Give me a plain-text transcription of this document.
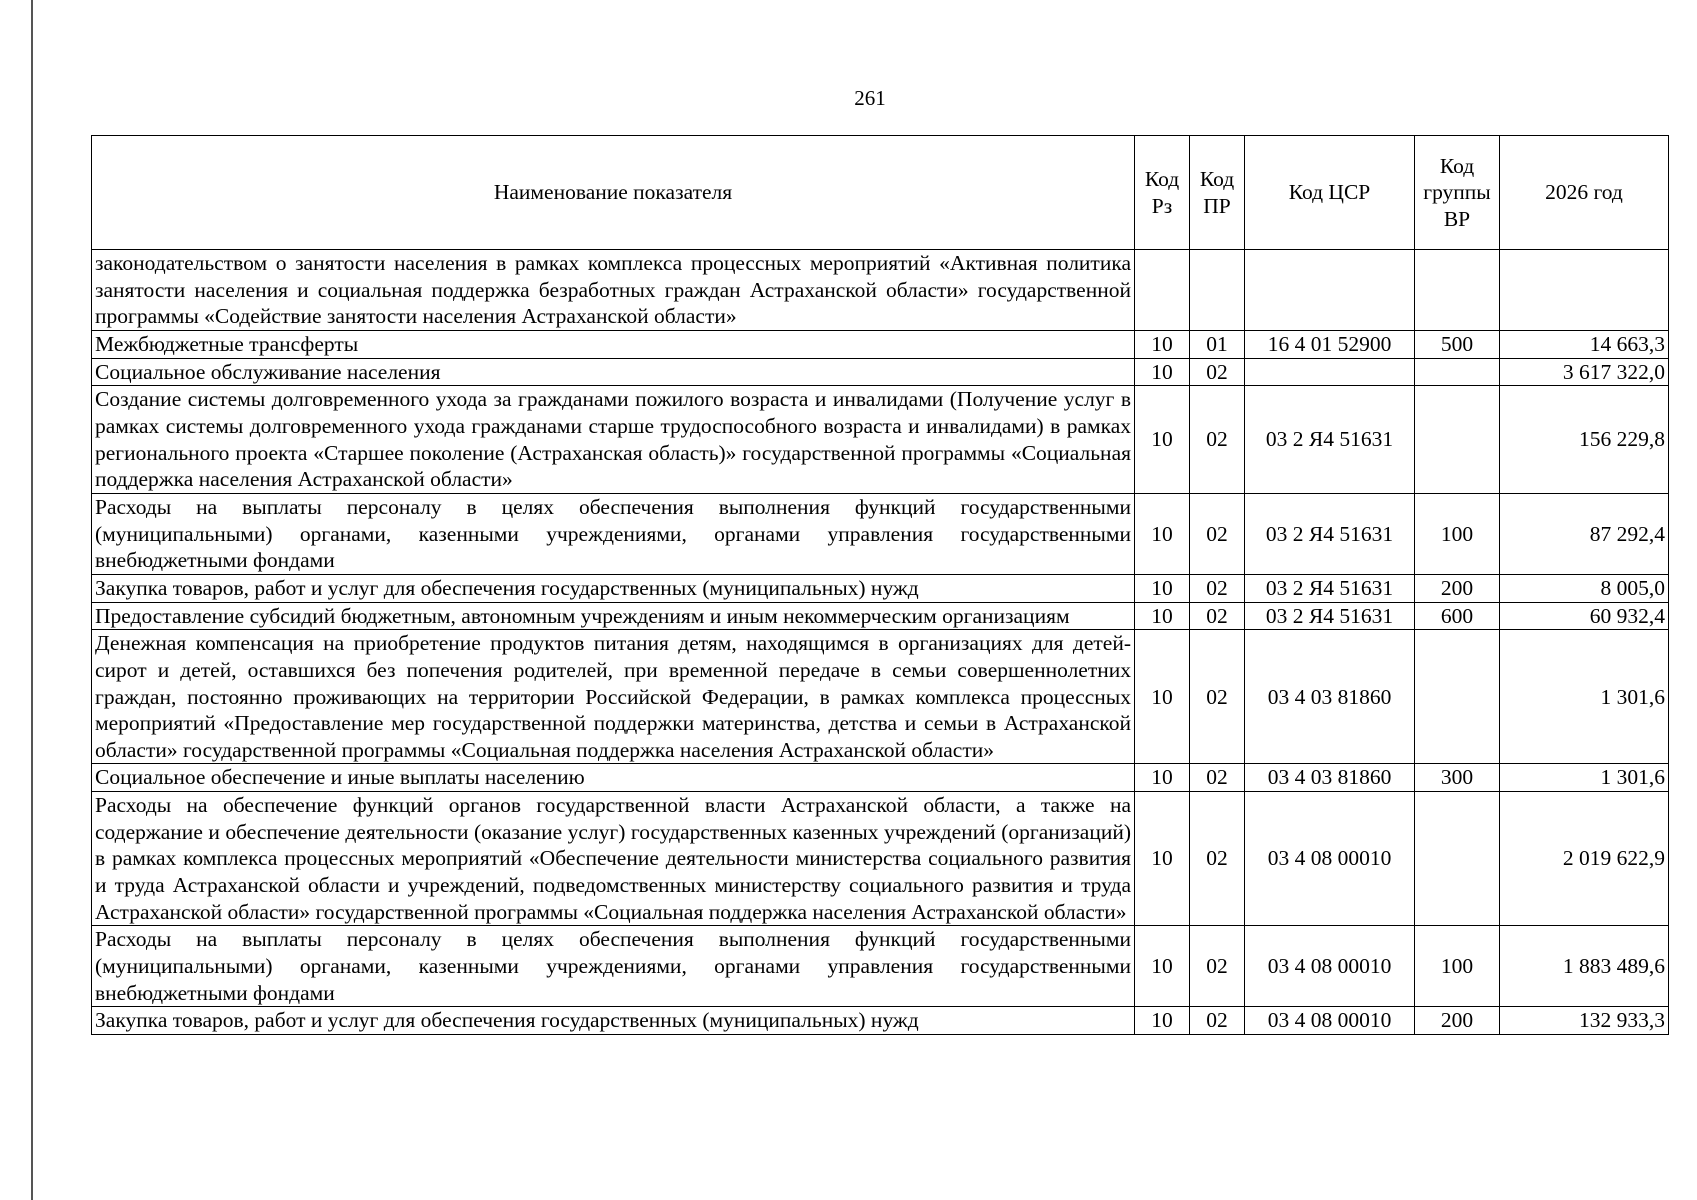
261
Наименование показателя	Код Рз	Код ПР	Код ЦСР	Код группы ВР	2026 год
законодательством о занятости населения в рамках комплекса процессных мероприятий «Активная политика занятости населения и социальная поддержка безработных граждан Астраханской области» государственной программы «Содействие занятости населения Астраханской области»					
Межбюджетные трансферты	10	01	16 4 01 52900	500	14 663,3
Социальное обслуживание населения	10	02			3 617 322,0
Создание системы долговременного ухода за гражданами пожилого возраста и инвалидами (Получение услуг в рамках системы долговременного ухода гражданами старше трудоспособного возраста и инвалидами) в рамках регионального проекта «Старшее поколение (Астраханская область)» государственной программы «Социальная поддержка населения Астраханской области»	10	02	03 2 Я4 51631		156 229,8
Расходы на выплаты персоналу в целях обеспечения выполнения функций государственными (муниципальными) органами, казенными учреждениями, органами управления государственными внебюджетными фондами	10	02	03 2 Я4 51631	100	87 292,4
Закупка товаров, работ и услуг для обеспечения государственных (муниципальных) нужд	10	02	03 2 Я4 51631	200	8 005,0
Предоставление субсидий бюджетным, автономным учреждениям и иным некоммерческим организациям	10	02	03 2 Я4 51631	600	60 932,4
Денежная компенсация на приобретение продуктов питания детям, находящимся в организациях для детей-сирот и детей, оставшихся без попечения родителей, при временной передаче в семьи совершеннолетних граждан, постоянно проживающих на территории Российской Федерации, в рамках комплекса процессных мероприятий «Предоставление мер государственной поддержки материнства, детства и семьи в Астраханской области» государственной программы «Социальная поддержка населения Астраханской области»	10	02	03 4 03 81860		1 301,6
Социальное обеспечение и иные выплаты населению	10	02	03 4 03 81860	300	1 301,6
Расходы на обеспечение функций органов государственной власти Астраханской области, а также на содержание и обеспечение деятельности (оказание услуг) государственных казенных учреждений (организаций) в рамках комплекса процессных мероприятий «Обеспечение деятельности министерства социального развития и труда Астраханской области и учреждений, подведомственных министерству социального развития и труда Астраханской области» государственной программы «Социальная поддержка населения Астраханской области»	10	02	03 4 08 00010		2 019 622,9
Расходы на выплаты персоналу в целях обеспечения выполнения функций государственными (муниципальными) органами, казенными учреждениями, органами управления государственными внебюджетными фондами	10	02	03 4 08 00010	100	1 883 489,6
Закупка товаров, работ и услуг для обеспечения государственных (муниципальных) нужд	10	02	03 4 08 00010	200	132 933,3
